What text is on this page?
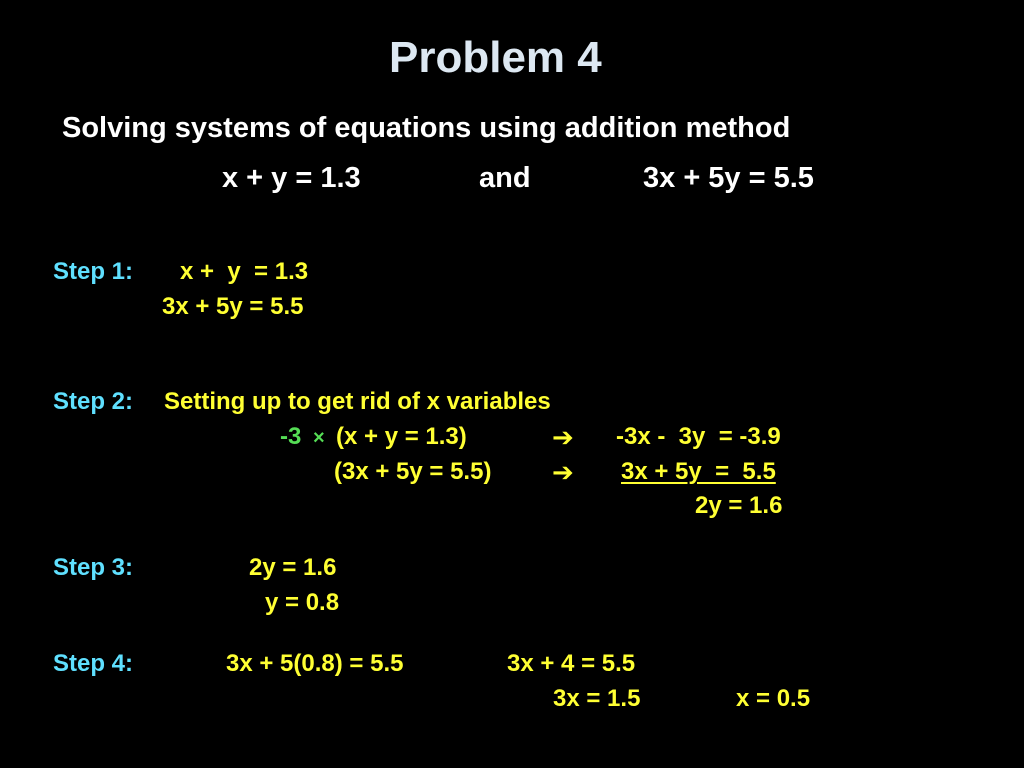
Problem 4
Solving systems of equations using addition method
x + y = 1.3	and	3x + 5y = 5.5
Step 1: x +  y  = 1.3
3x + 5y = 5.5
Step 2: Setting up to get rid of x variables
-3 × (x + y = 1.3)	➔ -3x -  3y  = -3.9
(3x + 5y = 5.5) ➔ 3x + 5y  =  5.5
2y = 1.6
Step 3:	2y = 1.6
y = 0.8
Step 4:	3x + 5(0.8) = 5.5	3x + 4 = 5.5
3x = 1.5	x = 0.5
